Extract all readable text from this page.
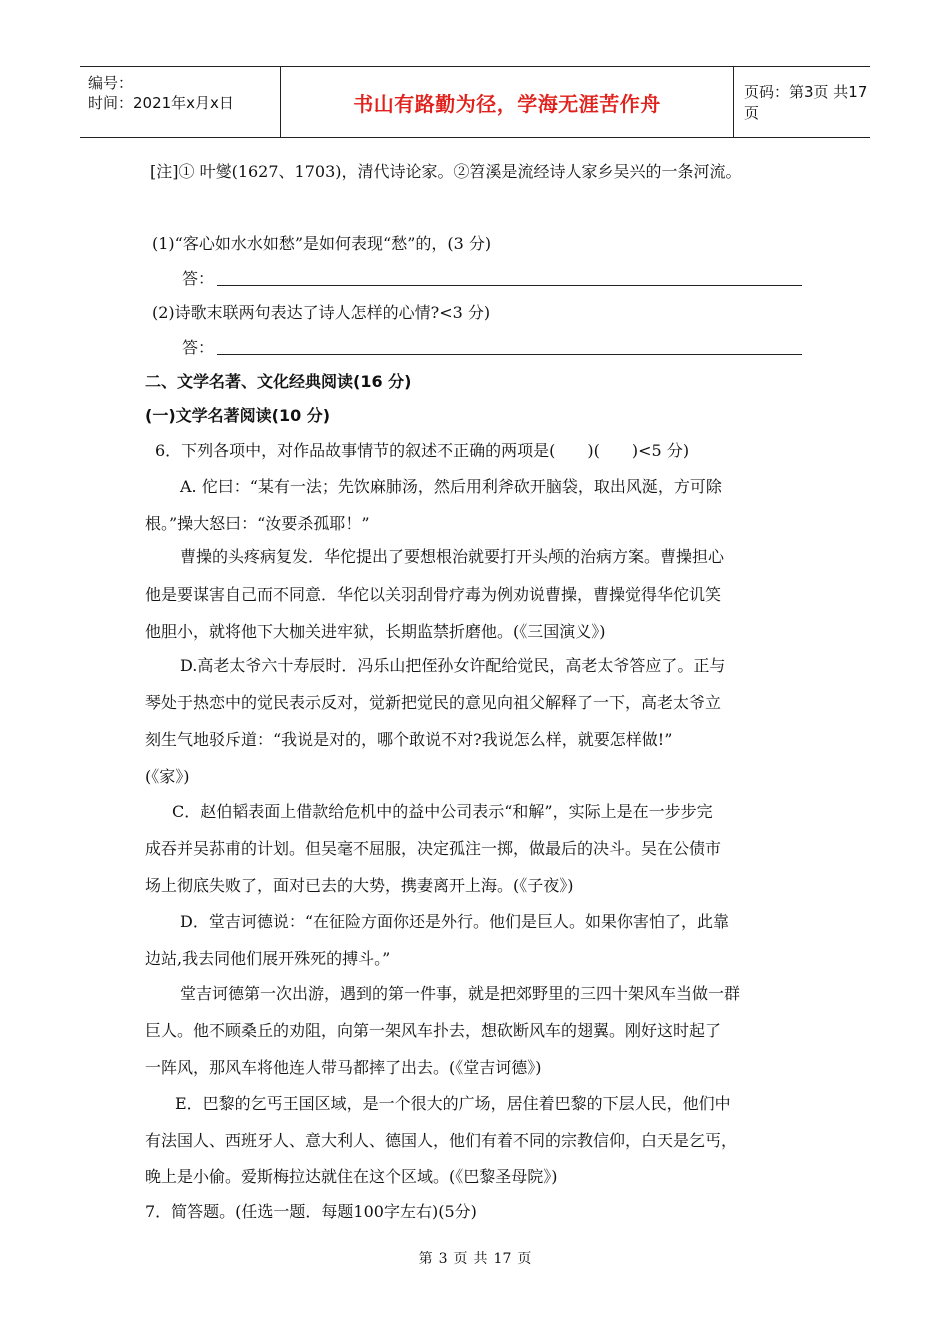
编号：
时间：2021年x月x日	书山有路勤为径，学海无涯苦作舟	页码：第3页 共17页
[注]① 叶燮(1627、1703)，清代诗论家。②笤溪是流经诗人家乡吴兴的一条河流。
(1)“客心如水水如愁”是如何表现“愁”的，(3 分)
答：
(2)诗歌末联两句表达了诗人怎样的心情?<3 分)
答：
二、文学名著、文化经典阅读(16 分)
(一)文学名著阅读(10 分)
6．下列各项中，对作品故事情节的叙述不正确的两项是(　　)(　　)<5 分)
A. 佗曰：“某有一法；先饮麻肺汤，然后用利斧砍开脑袋，取出风涎，方可除
根。”操大怒曰：“汝要杀孤耶！”
曹操的头疼病复发．华佗提出了要想根治就要打开头颅的治病方案。曹操担心
他是要谋害自己而不同意．华佗以关羽刮骨疗毒为例劝说曹操，曹操觉得华佗讥笑
他胆小，就将他下大枷关进牢狱，长期监禁折磨他。(《三国演义》)
D.高老太爷六十寿辰时．冯乐山把侄孙女许配给觉民，高老太爷答应了。正与
琴处于热恋中的觉民表示反对，觉新把觉民的意见向祖父解释了一下，高老太爷立
刻生气地驳斥道：“我说是对的，哪个敢说不对?我说怎么样，就要怎样做!”
(《家》)
C．赵伯韬表面上借款给危机中的益中公司表示“和解”，实际上是在一步步完
成吞并吴荪甫的计划。但吴毫不屈服，决定孤注一掷，做最后的决斗。吴在公债市
场上彻底失败了，面对已去的大势，携妻离开上海。(《子夜》)
D．堂吉诃德说：“在征险方面你还是外行。他们是巨人。如果你害怕了，此靠
边站,我去同他们展开殊死的搏斗。”
堂吉诃德第一次出游，遇到的第一件事，就是把郊野里的三四十架风车当做一群
巨人。他不顾桑丘的劝阻，向第一架风车扑去，想砍断风车的翅翼。刚好这时起了
一阵风，那风车将他连人带马都摔了出去。(《堂吉诃德》)
E．巴黎的乞丐王国区域，是一个很大的广场，居住着巴黎的下层人民，他们中
有法国人、西班牙人、意大利人、德国人，他们有着不同的宗教信仰，白天是乞丐，
晚上是小偷。爱斯梅拉达就住在这个区域。(《巴黎圣母院》)
7．简答题。(任选一题．每题100字左右)(5分)
第 3 页 共 17 页
